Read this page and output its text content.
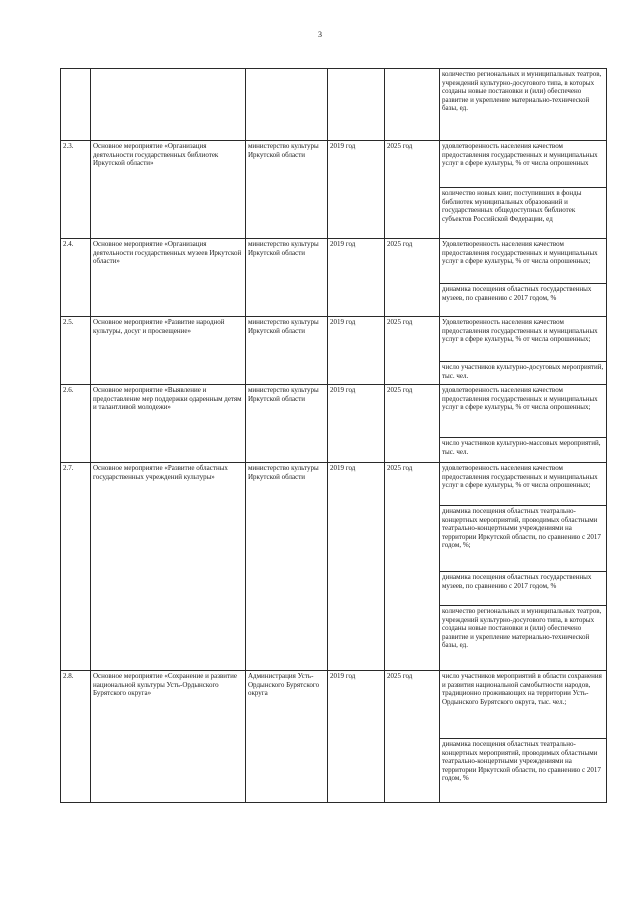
3

					количество региональных и муниципальных театров, учреждений культурно-досугового типа, в которых созданы новые постановки и (или) обеспечено развитие и укрепление материально-технической базы, ед.

2.3.	Основное мероприятие «Организация деятельности государственных библиотек Иркутской области»	министерство культуры Иркутской области	2019 год	2025 год	удовлетворенность населения качеством предоставления государственных и муниципальных услуг в сфере культуры, % от числа опрошенных
количество новых книг, поступивших в фонды библиотек муниципальных образований и государственных общедоступных библиотек субъектов Российской Федерации, ед

2.4.	Основное мероприятие «Организация деятельности государственных музеев Иркутской области»	министерство культуры Иркутской области	2019 год	2025 год	Удовлетворенность населения качеством предоставления государственных и муниципальных услуг в сфере культуры, % от числа опрошенных;
динамика посещения областных государственных музеев, по сравнению с 2017 годом, %

2.5.	Основное мероприятие «Развитие народной культуры, досуг и просвещение»	министерство культуры Иркутской области	2019 год	2025 год	Удовлетворенность населения качеством предоставления государственных и муниципальных услуг в сфере культуры, % от числа опрошенных;
число участников культурно-досуговых мероприятий, тыс. чел.

2.6.	Основное мероприятие «Выявление и предоставление мер поддержки одаренным детям и талантливой молодежи»	министерство культуры Иркутской области	2019 год	2025 год	удовлетворенность населения качеством предоставления государственных и муниципальных услуг в сфере культуры, % от числа опрошенных;
число участников культурно-массовых мероприятий, тыс. чел.

2.7.	Основное мероприятие «Развитие областных государственных учреждений культуры»	министерство культуры Иркутской области	2019 год	2025 год	удовлетворенность населения качеством предоставления государственных и муниципальных услуг в сфере культуры, % от числа опрошенных;
динамика посещения областных театрально-концертных мероприятий, проводимых областными театрально-концертными учреждениями на территории Иркутской области, по сравнению с 2017 годом, %;
динамика посещения областных государственных музеев, по сравнению с 2017 годом, %
количество региональных и муниципальных театров, учреждений культурно-досугового типа, в которых созданы новые постановки и (или) обеспечено развитие и укрепление материально-технической базы, ед.

2.8.	Основное мероприятие «Сохранение и развитие национальной культуры Усть-Ордынского Бурятского округа»	Администрация Усть-Ордынского Бурятского округа	2019 год	2025 год	число участников мероприятий в области сохранения и развития национальной самобытности народов, традиционно проживающих на территории Усть-Ордынского Бурятского округа, тыс. чел.;
динамика посещения областных театрально-концертных мероприятий, проводимых областными театрально-концертными учреждениями на территории Иркутской области, по сравнению с 2017 годом, %
